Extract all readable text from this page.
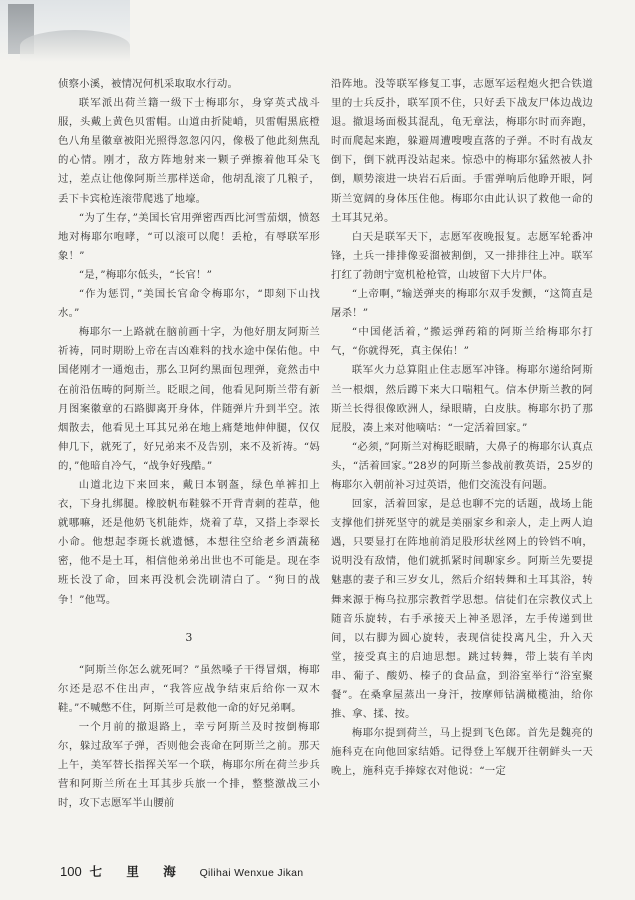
侦察小溪，被情况何机采取取水行动。

联军派出荷兰籍一级下士梅耶尔，身穿英式战斗服，头戴上黄色贝雷帽。山道由折陡峭，贝雷帽黑底橙色八角星徽章被阳光照得忽忽闪闪，像极了他此刻焦乱的心情。刚才，敌方阵地射来一颗子弹擦着他耳朵飞过，差点让他像阿斯兰那样送命，他胡乱滚了几粮子，丢下卡宾枪连滚带爬逃了地壕。

“为了生存，”美国长官用弹密西西比河雪茄烟，愤怒地对梅耶尔咆哮，“可以滚可以爬！丢枪，有辱联军形象！”

“是，”梅耶尔低头，“长官！”

“作为惩罚，”美国长官命令梅耶尔，“即刻下山找水。”

梅耶尔一上路就在脑前画十字，为他好朋友阿斯兰祈祷，同时期盼上帝在吉凶难料的找水途中保佑他。中国佬刚才一通炮击，那么卫阿约黑面包理弹，竟然击中在前沿伍畴的阿斯兰。眨眼之间，他看见阿斯兰带有新月图案徽章的石路脚离开身体，伴随弹片升到半空。浓烟散去，他看见土耳其兄弟在地上痛楚地伸伸腿，仅仅伸几下，就死了，好兄弟来不及告别，来不及祈祷。“妈的，”他暗自冷气，“战争好残酷。”

山道北边下来回来，戴日本钢盔，绿色单裤扣上衣，下身扎绑腿。橡胶帆布鞋躲不开背青刺的茬草，他就哪嘛，还是他奶飞机能炸，烧着了草，又搭上李翠长小命。他想起李斑长就遗憾，本想往空给老乡酒蔬秘密，他不是土耳，相信他弟弟出世也不可能是。现在李班长没了命，回来再没机会洗刷清白了。“狗日的战争！”他骂。

3

“阿斯兰你怎么就死呵？”虽然嗓子干得冒烟，梅耶尔还是忍不住出声，“我答应战争结束后给你一双木鞋。”不喊憋不住，阿斯兰可是救他一命的好兄弟啊。

一个月前的撤退路上，幸亏阿斯兰及时按倒梅耶尔，躲过敌军子弹，否则他会丧命在阿斯兰之前。那天上午，美军替长指挥关军一个联，梅耶尔所在荷兰步兵营和阿斯兰所在土耳其步兵旅一个排，整整激战三小时，攻下志愿军半山腰前

沿阵地。没等联军修复工事，志愿军运程炮火把合铁道里的士兵反扑，联军顶不住，只好丢下战友尸体边战边退。撤退场面极其混乱，龟无章法，梅耶尔时而奔跑，时而爬起来跑，躲避周遭嗖嗖直落的子弹。不时有战友倒下，倒下就再没站起来。惊恐中的梅耶尔猛然被人扑倒，顺势滚进一块岩石后面。手雷弹响后他睁开眼，阿斯兰宽阔的身体压住他。梅耶尔由此认识了救他一命的土耳其兄弟。

白天是联军天下，志愿军夜晚报复。志愿军轮番冲锋，土兵一排排像妥溜被割倒，又一排排往上冲。联军打红了勃朗宁宽机枪枪管，山坡留下大片尸体。

“上帝啊，”输送弹夹的梅耶尔双手发颤，“这简直是屠杀！”

“中国佬活着，”搬运弹药箱的阿斯兰给梅耶尔打气，“你就得死，真主保佑！”

联军火力总算阻止住志愿军冲锋。梅耶尔递给阿斯兰一根烟，然后蹲下来大口喘粗气。信本伊斯兰教的阿斯兰长得很像欧洲人，绿眼睛，白皮肤。梅耶尔扔了那屁股，凑上来对他嘀咕：“一定活着回家。”

“必须，”阿斯兰对梅眨眼睛，大鼻子的梅耶尔认真点头，“活着回家。”28岁的阿斯兰参战前教英语，25岁的梅耶尔入朝前补习过英语，他们交流没有问题。

回家，活着回家，是总也聊不完的话题，战场上能支撑他们拼死坚守的就是美丽家乡和亲人，走上两人迫遇，只要显打在阵地前消足股形状丝网上的铃铛不响，说明没有敌情，他们就抓紧时间聊家乡。阿斯兰先要提魅惠的妻子和三岁女儿，然后介绍转舞和土耳其浴，转舞来源于梅乌拉那宗教哲学思想。信徒们在宗教仪式上随音乐旋转，右手承接天上神圣恩泽，左手传递到世间，以右脚为圆心旋转，表现信徒投离凡尘，升入天堂，接受真主的启迪思想。跳过转舞，带上装有羊肉串、葡子、酸奶、榛子的食品盒，到浴室举行“浴室聚餐”。在桑拿屋蒸出一身汗，按摩师钻满橄榄油，给你推、拿、揉、按。

梅耶尔提到荷兰，马上提到飞色郎。首先是魏亮的施科克在向他回家结婚。记得登上军舰开往朝鲜头一天晚上，施科克手捧嫁衣对他说：“一定

100 七 里 海 Qilihai Wenxue Jikan
